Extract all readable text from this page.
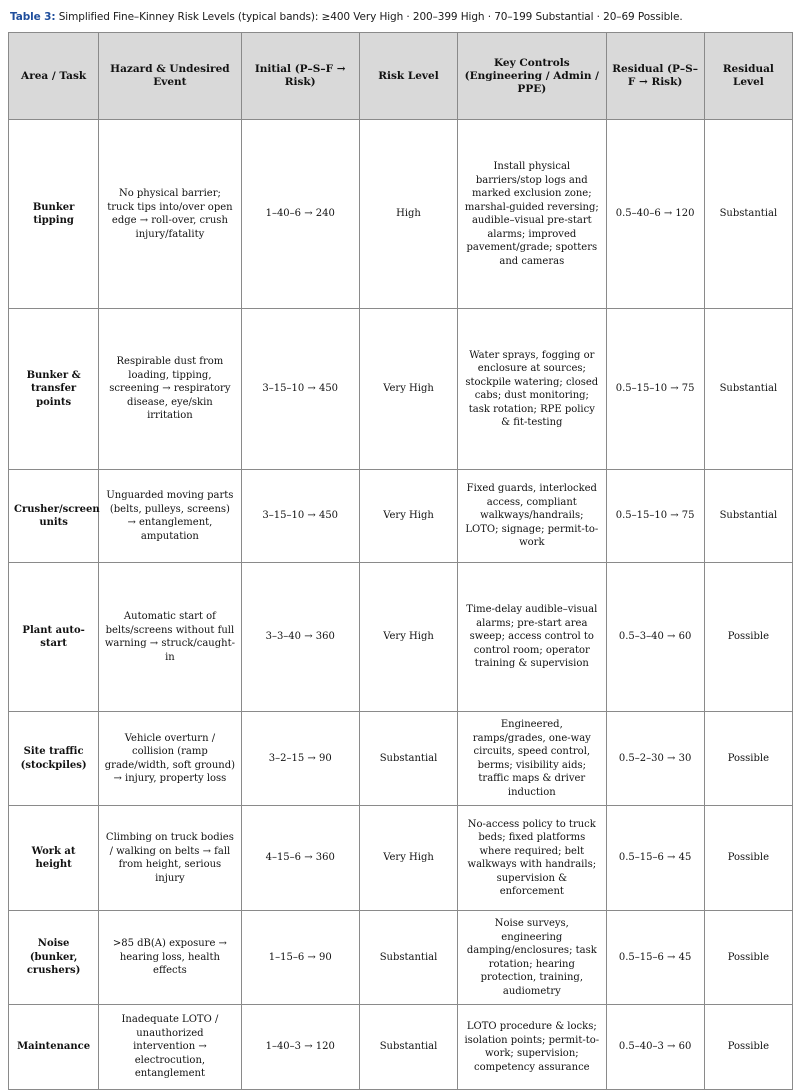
Table 3: Simplified Fine–Kinney Risk Levels (typical bands): ≥400 Very High · 200–399 High · 70–199 Substantial · 20–69 Possible.
Area / Task	Hazard & Undesired Event	Initial (P–S–F → Risk)	Risk Level	Key Controls (Engineering / Admin / PPE)	Residual (P–S–F → Risk)	Residual Level
Bunker tipping	No physical barrier; truck tips into/over open edge → roll-over, crush injury/fatality	1–40–6 → 240	High	Install physical barriers/stop logs and marked exclusion zone; marshal-guided reversing; audible–visual pre-start alarms; improved pavement/grade; spotters and cameras	0.5–40–6 → 120	Substantial
Bunker & transfer points	Respirable dust from loading, tipping, screening → respiratory disease, eye/skin irritation	3–15–10 → 450	Very High	Water sprays, fogging or enclosure at sources; stockpile watering; closed cabs; dust monitoring; task rotation; RPE policy & fit-testing	0.5–15–10 → 75	Substantial
Crusher/screen units	Unguarded moving parts (belts, pulleys, screens) → entanglement, amputation	3–15–10 → 450	Very High	Fixed guards, interlocked access, compliant walkways/handrails; LOTO; signage; permit-to-work	0.5–15–10 → 75	Substantial
Plant auto-start	Automatic start of belts/screens without full warning → struck/caught-in	3–3–40 → 360	Very High	Time-delay audible–visual alarms; pre-start area sweep; access control to control room; operator training & supervision	0.5–3–40 → 60	Possible
Site traffic (stockpiles)	Vehicle overturn / collision (ramp grade/width, soft ground) → injury, property loss	3–2–15 → 90	Substantial	Engineered, ramps/grades, one-way circuits, speed control, berms; visibility aids; traffic maps & driver induction	0.5–2–30 → 30	Possible
Work at height	Climbing on truck bodies / walking on belts → fall from height, serious injury	4–15–6 → 360	Very High	No-access policy to truck beds; fixed platforms where required; belt walkways with handrails; supervision & enforcement	0.5–15–6 → 45	Possible
Noise (bunker, crushers)	>85 dB(A) exposure → hearing loss, health effects	1–15–6 → 90	Substantial	Noise surveys, engineering damping/enclosures; task rotation; hearing protection, training, audiometry	0.5–15–6 → 45	Possible
Maintenance	Inadequate LOTO / unauthorized intervention → electrocution, entanglement	1–40–3 → 120	Substantial	LOTO procedure & locks; isolation points; permit-to-work; supervision; competency assurance	0.5–40–3 → 60	Possible
